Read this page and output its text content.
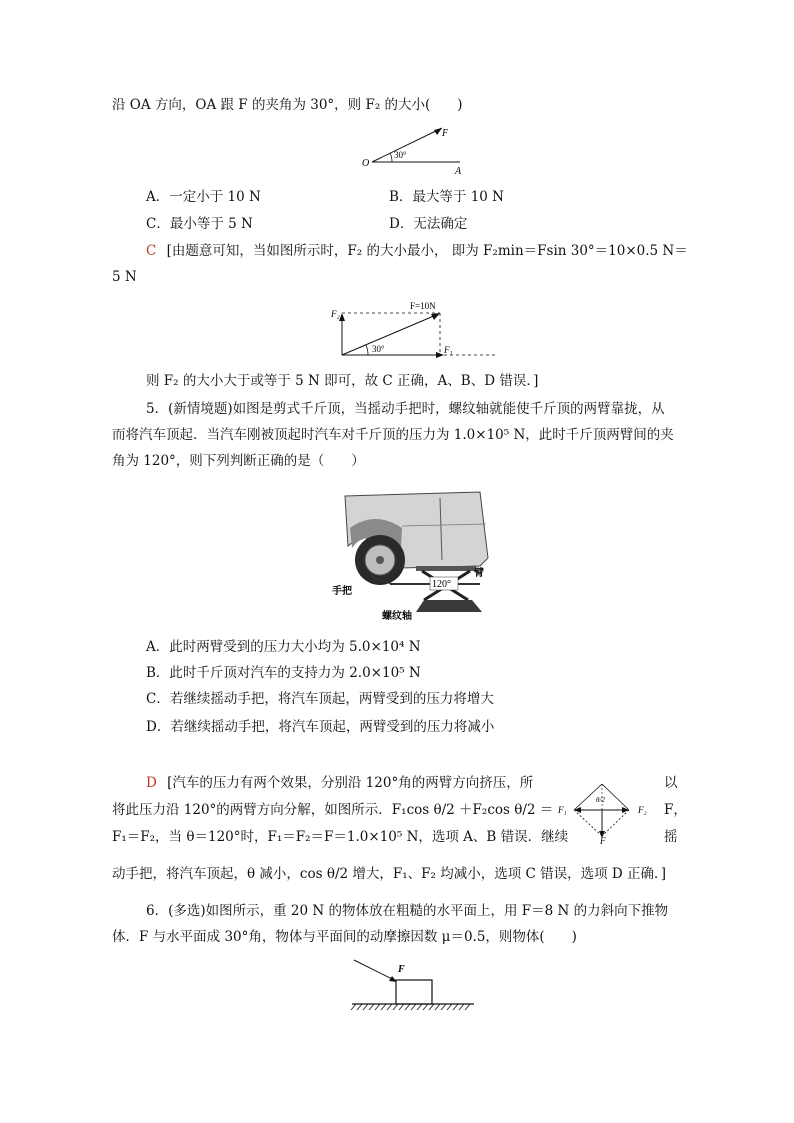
沿 OA 方向，OA 跟 F 的夹角为 30°，则 F₂ 的大小(　　)
F
O
A
30°
A．一定小于 10 N	B．最大等于 10 N
C．最小等于 5 N	D．无法确定
C [由题意可知，当如图所示时，F₂ 的大小最小， 即为 F₂min＝Fsin 30°＝10×0.5 N＝
5 N
F=10N
F₂
F₁
30°
则 F₂ 的大小大于或等于 5 N 即可，故 C 正确，A、B、D 错误．]
5．(新情境题)如图是剪式千斤顶，当摇动手把时，螺纹轴就能使千斤顶的两臂靠拢，从
而将汽车顶起．当汽车刚被顶起时汽车对千斤顶的压力为 1.0×10⁵ N，此时千斤顶两臂间的夹
角为 120°，则下列判断正确的是（　　）
120°
臂
手把
螺纹轴
A．此时两臂受到的压力大小均为 5.0×10⁴ N
B．此时千斤顶对汽车的支持力为 2.0×10⁵ N
C．若继续摇动手把，将汽车顶起，两臂受到的压力将增大
D．若继续摇动手把，将汽车顶起，两臂受到的压力将减小
D [汽车的压力有两个效果，分别沿 120°角的两臂方向挤压，所	以
将此压力沿 120°的两臂方向分解，如图所示．F₁cos θ/2 ＋F₂cos θ/2 ＝	F，
F₁＝F₂，当 θ＝120°时，F₁＝F₂＝F＝1.0×10⁵ N，选项 A、B 错误．继续	摇
θ/2
F₁	F₂
F
动手把，将汽车顶起，θ 减小，cos θ/2 增大，F₁、F₂ 均减小，选项 C 错误，选项 D 正确．]
6．(多选)如图所示，重 20 N 的物体放在粗糙的水平面上，用 F＝8 N 的力斜向下推物
体．F 与水平面成 30°角，物体与平面间的动摩擦因数 μ＝0.5，则物体(　　)
F
